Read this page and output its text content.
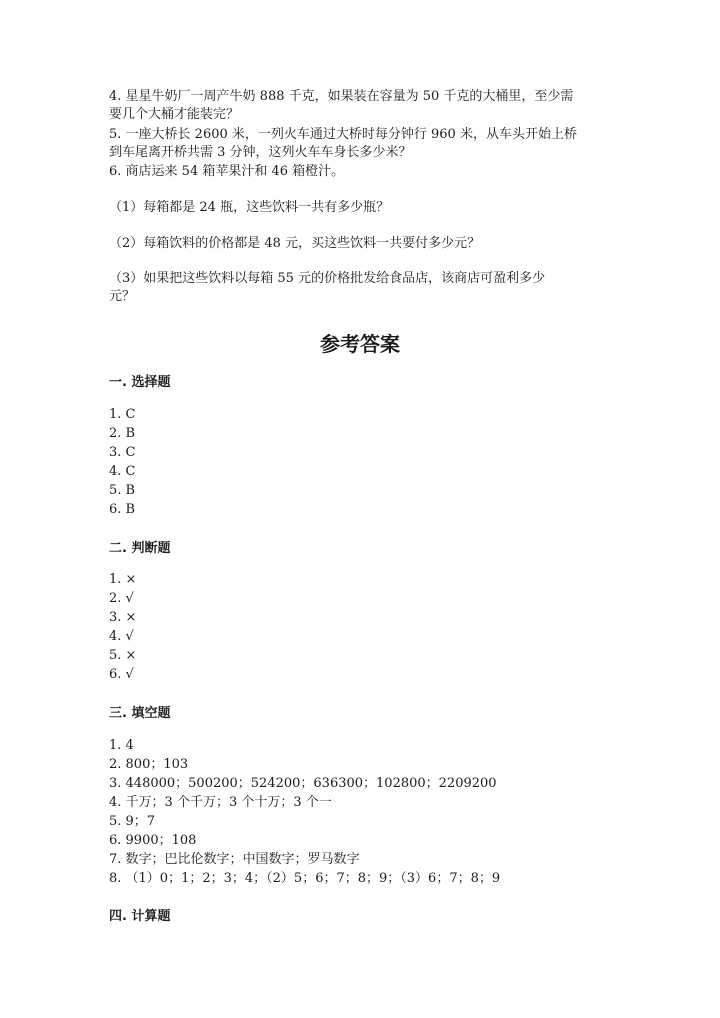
4. 星星牛奶厂一周产牛奶 888 千克，如果装在容量为 50 千克的大桶里，至少需
要几个大桶才能装完？
5. 一座大桥长 2600 米，一列火车通过大桥时每分钟行 960 米，从车头开始上桥
到车尾离开桥共需 3 分钟，这列火车车身长多少米？
6. 商店运来 54 箱苹果汁和 46 箱橙汁。
（1）每箱都是 24 瓶，这些饮料一共有多少瓶？
（2）每箱饮料的价格都是 48 元，买这些饮料一共要付多少元？
（3）如果把这些饮料以每箱 55 元的价格批发给食品店，该商店可盈利多少
元？
参考答案
一. 选择题
1. C
2. B
3. C
4. C
5. B
6. B
二. 判断题
1. ×
2. √
3. ×
4. √
5. ×
6. √
三. 填空题
1. 4
2. 800；103
3. 448000；500200；524200；636300；102800；2209200
4. 千万；3 个千万；3 个十万；3 个一
5. 9；7
6. 9900；108
7. 数字；巴比伦数字；中国数字；罗马数字
8. （1）0；1；2；3；4；（2）5；6；7；8；9；（3）6；7；8；9
四. 计算题
